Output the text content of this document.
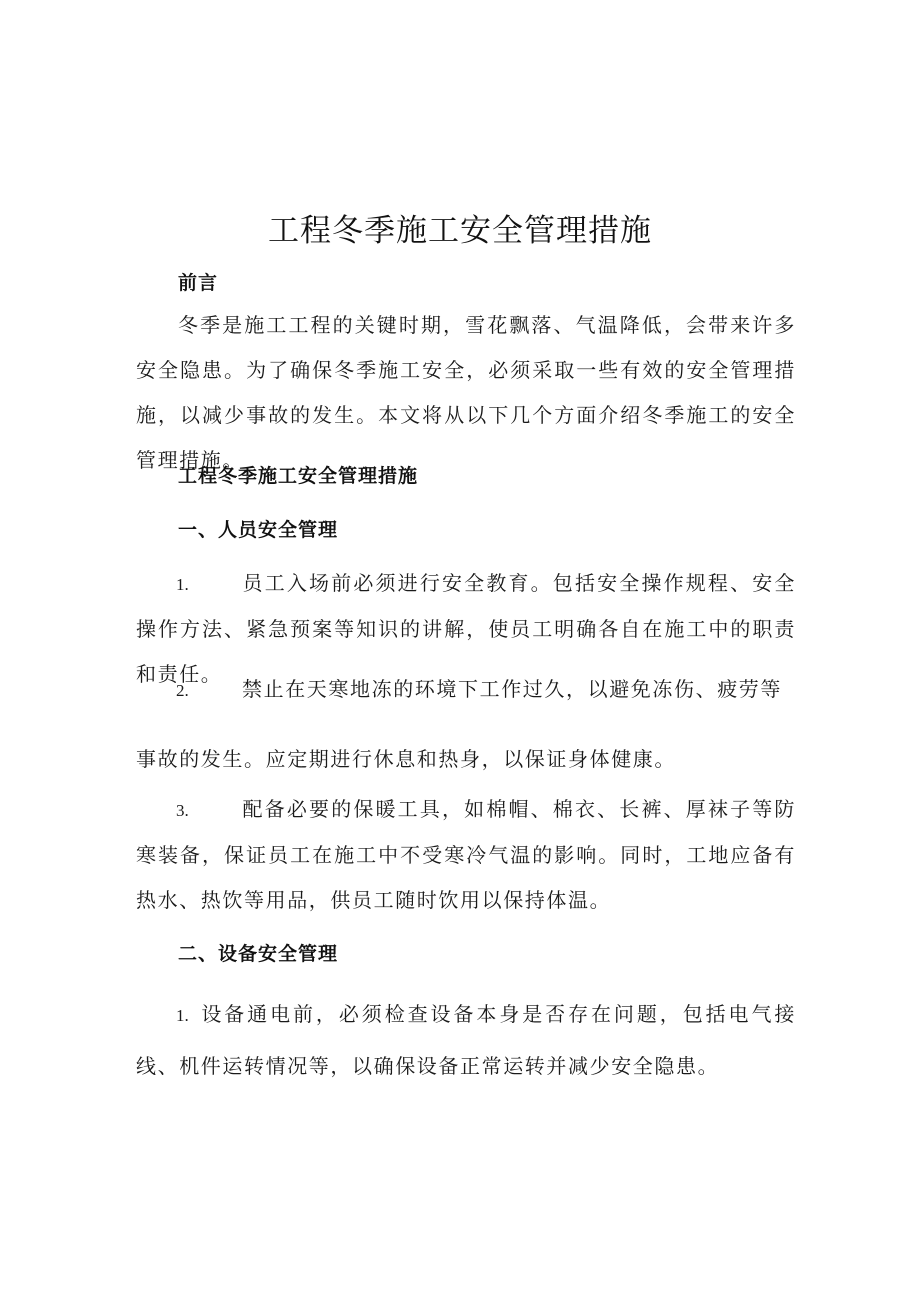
工程冬季施工安全管理措施
前言
冬季是施工工程的关键时期，雪花飘落、气温降低，会带来许多安全隐患。为了确保冬季施工安全，必须采取一些有效的安全管理措施，以减少事故的发生。本文将从以下几个方面介绍冬季施工的安全管理措施。
工程冬季施工安全管理措施
一、人员安全管理
1.	员工入场前必须进行安全教育。包括安全操作规程、安全操作方法、紧急预案等知识的讲解，使员工明确各自在施工中的职责和责任。
2.	禁止在天寒地冻的环境下工作过久，以避免冻伤、疲劳等
事故的发生。应定期进行休息和热身，以保证身体健康。
3.	配备必要的保暖工具，如棉帽、棉衣、长裤、厚袜子等防寒装备，保证员工在施工中不受寒冷气温的影响。同时，工地应备有热水、热饮等用品，供员工随时饮用以保持体温。
二、设备安全管理
1. 设备通电前，必须检查设备本身是否存在问题，包括电气接线、机件运转情况等，以确保设备正常运转并减少安全隐患。
